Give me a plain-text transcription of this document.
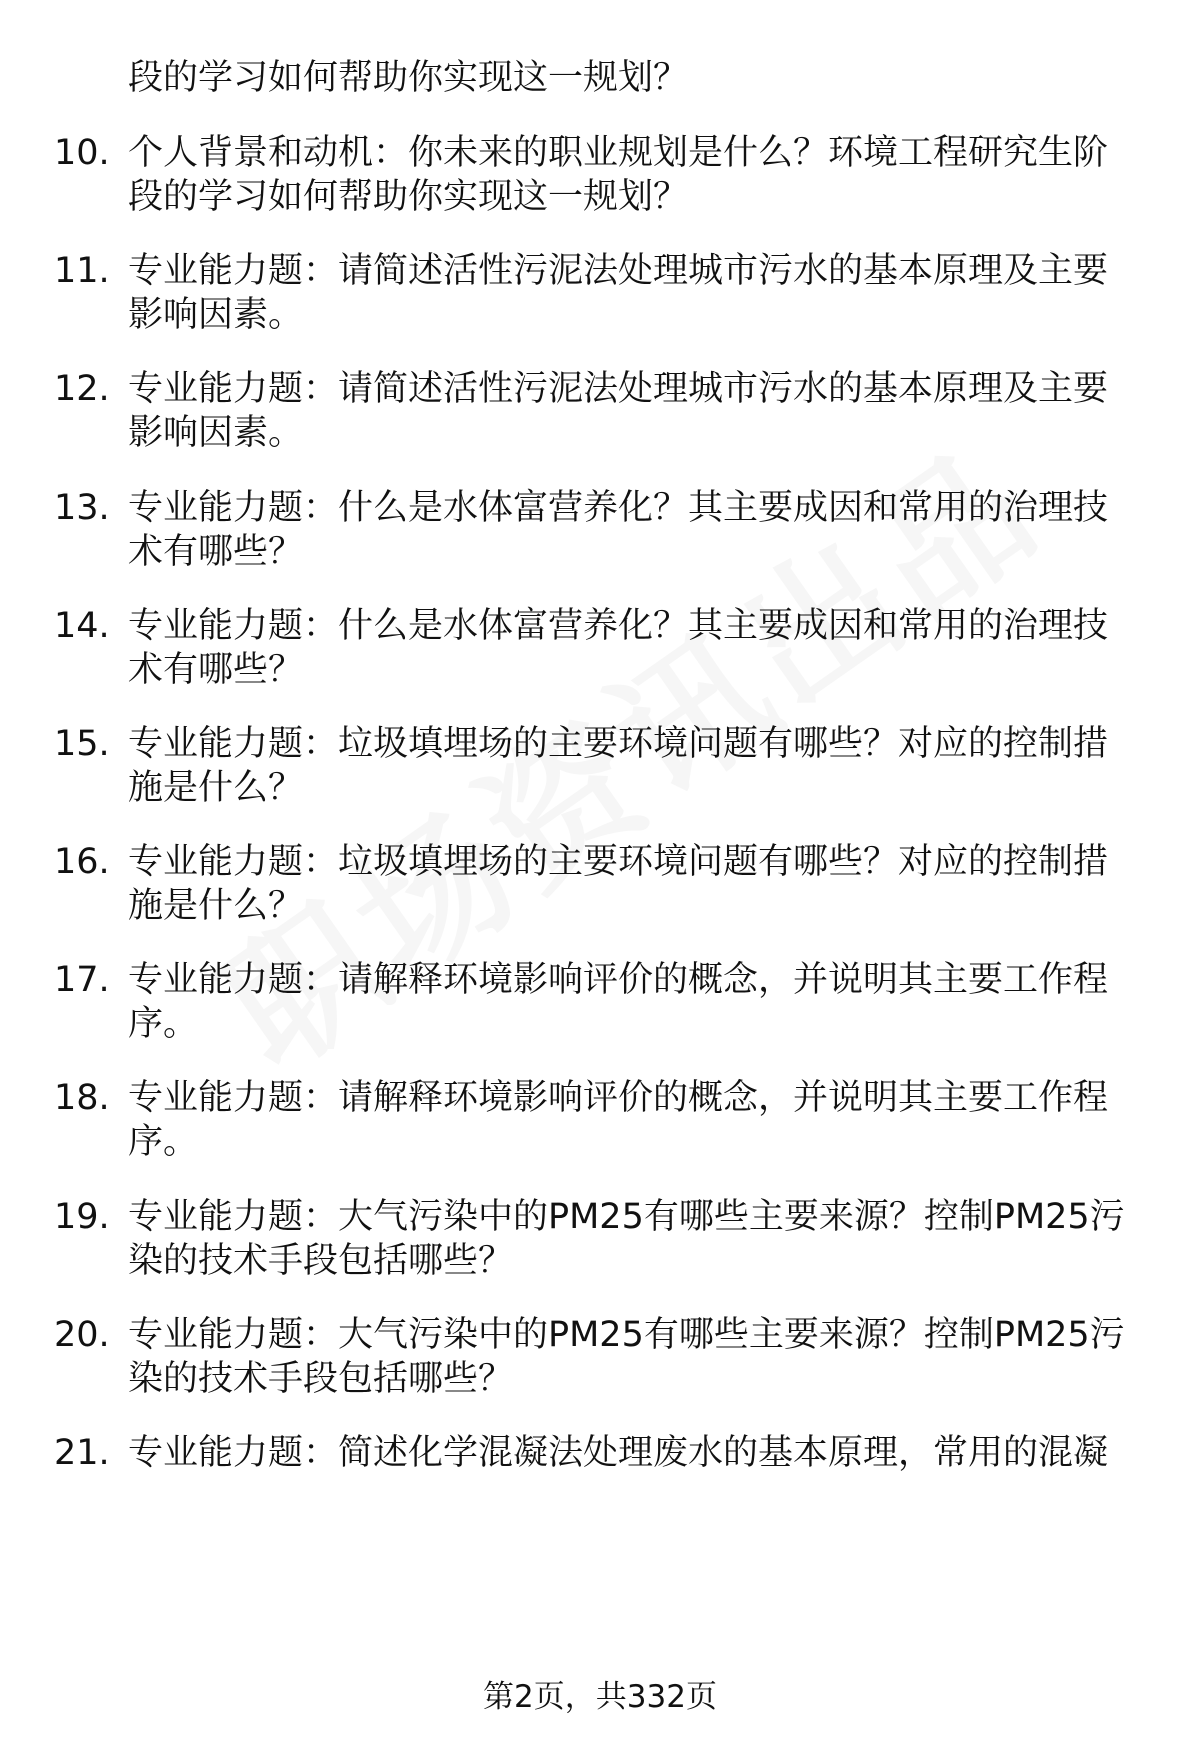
段的学习如何帮助你实现这一规划？
10. 个人背景和动机：你未来的职业规划是什么？环境工程研究生阶
段的学习如何帮助你实现这一规划？
11. 专业能力题：请简述活性污泥法处理城市污水的基本原理及主要
影响因素。
12. 专业能力题：请简述活性污泥法处理城市污水的基本原理及主要
影响因素。
13. 专业能力题：什么是水体富营养化？其主要成因和常用的治理技
术有哪些？
14. 专业能力题：什么是水体富营养化？其主要成因和常用的治理技
术有哪些？
15. 专业能力题：垃圾填埋场的主要环境问题有哪些？对应的控制措
施是什么？
16. 专业能力题：垃圾填埋场的主要环境问题有哪些？对应的控制措
施是什么？
17. 专业能力题：请解释环境影响评价的概念，并说明其主要工作程
序。
18. 专业能力题：请解释环境影响评价的概念，并说明其主要工作程
序。
19. 专业能力题：大气污染中的PM25有哪些主要来源？控制PM25污
染的技术手段包括哪些？
20. 专业能力题：大气污染中的PM25有哪些主要来源？控制PM25污
染的技术手段包括哪些？
21. 专业能力题：简述化学混凝法处理废水的基本原理，常用的混凝
第2页，共332页
